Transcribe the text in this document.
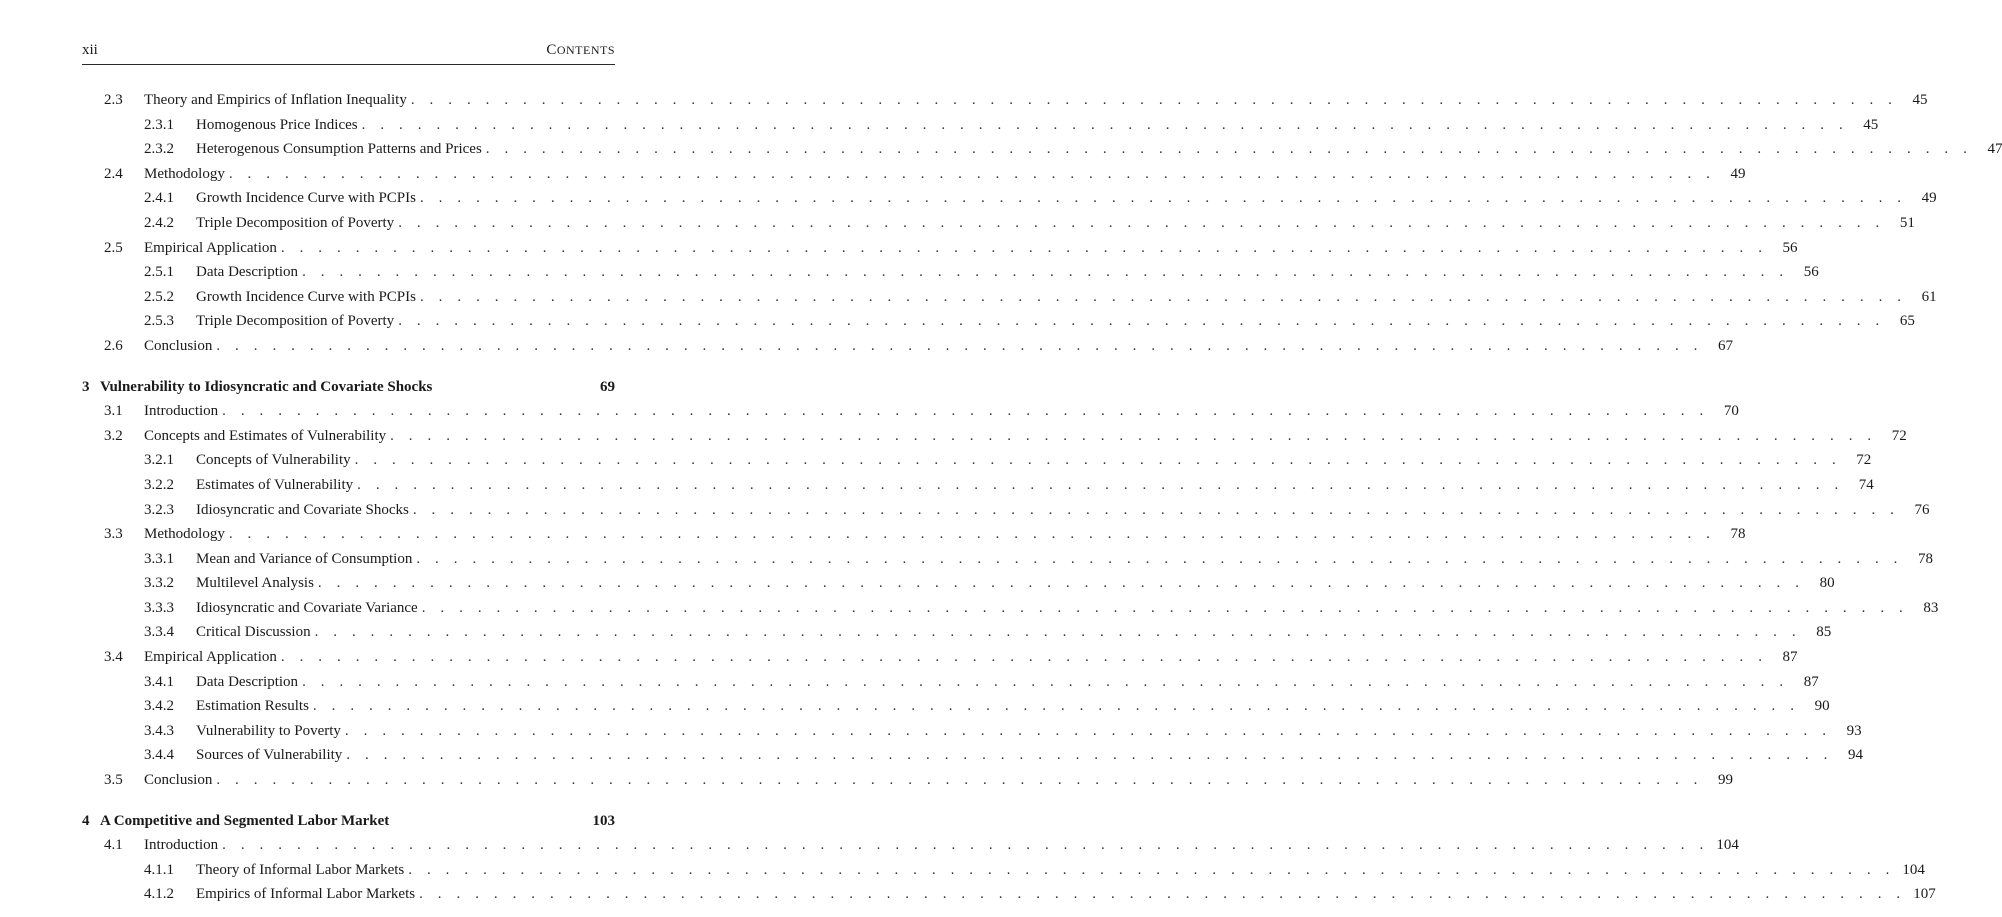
xii	CONTENTS
2.3 Theory and Empirics of Inflation Inequality . . . . . . . . . . . . . . . . . . . . . . . . . . . . . . . . . . . . . . . . . . . . . . . . . . . . . . . . . . . . . . . . . . . . . . . . . . . . . . . .	45
2.3.1 Homogenous Price Indices . . . . . . . . . . . . . . . . . . . . . . . . . . . . . . . . . . . . . . . . . . . . . . . . . . . . . . . . . . . . . . . . . . . . . . . . . . . . . . . .	45
2.3.2 Heterogenous Consumption Patterns and Prices . . . . . . . . . . . . . . . . . . . . . . . . . . . . . . . . . . . . . . . . . . . . . . . . . . . . . . . . . . . . . . . . . . . . . . . . . . . . . . . .	47
2.4 Methodology . . . . . . . . . . . . . . . . . . . . . . . . . . . . . . . . . . . . . . . . . . . . . . . . . . . . . . . . . . . . . . . . . . . . . . . . . . . . . . . .	49
2.4.1 Growth Incidence Curve with PCPIs . . . . . . . . . . . . . . . . . . . . . . . . . . . . . . . . . . . . . . . . . . . . . . . . . . . . . . . . . . . . . . . . . . . . . . . . . . . . . . . .	49
2.4.2 Triple Decomposition of Poverty . . . . . . . . . . . . . . . . . . . . . . . . . . . . . . . . . . . . . . . . . . . . . . . . . . . . . . . . . . . . . . . . . . . . . . . . . . . . . . . .	51
2.5 Empirical Application . . . . . . . . . . . . . . . . . . . . . . . . . . . . . . . . . . . . . . . . . . . . . . . . . . . . . . . . . . . . . . . . . . . . . . . . . . . . . . . .	56
2.5.1 Data Description . . . . . . . . . . . . . . . . . . . . . . . . . . . . . . . . . . . . . . . . . . . . . . . . . . . . . . . . . . . . . . . . . . . . . . . . . . . . . . . .	56
2.5.2 Growth Incidence Curve with PCPIs . . . . . . . . . . . . . . . . . . . . . . . . . . . . . . . . . . . . . . . . . . . . . . . . . . . . . . . . . . . . . . . . . . . . . . . . . . . . . . . .	61
2.5.3 Triple Decomposition of Poverty . . . . . . . . . . . . . . . . . . . . . . . . . . . . . . . . . . . . . . . . . . . . . . . . . . . . . . . . . . . . . . . . . . . . . . . . . . . . . . . .	65
2.6 Conclusion . . . . . . . . . . . . . . . . . . . . . . . . . . . . . . . . . . . . . . . . . . . . . . . . . . . . . . . . . . . . . . . . . . . . . . . . . . . . . . . .	67
3 Vulnerability to Idiosyncratic and Covariate Shocks	69
3.1 Introduction . . . . . . . . . . . . . . . . . . . . . . . . . . . . . . . . . . . . . . . . . . . . . . . . . . . . . . . . . . . . . . . . . . . . . . . . . . . . . . . .	70
3.2 Concepts and Estimates of Vulnerability . . . . . . . . . . . . . . . . . . . . . . . . . . . . . . . . . . . . . . . . . . . . . . . . . . . . . . . . . . . . . . . . . . . . . . . . . . . . . . . .	72
3.2.1 Concepts of Vulnerability . . . . . . . . . . . . . . . . . . . . . . . . . . . . . . . . . . . . . . . . . . . . . . . . . . . . . . . . . . . . . . . . . . . . . . . . . . . . . . . .	72
3.2.2 Estimates of Vulnerability . . . . . . . . . . . . . . . . . . . . . . . . . . . . . . . . . . . . . . . . . . . . . . . . . . . . . . . . . . . . . . . . . . . . . . . . . . . . . . . .	74
3.2.3 Idiosyncratic and Covariate Shocks . . . . . . . . . . . . . . . . . . . . . . . . . . . . . . . . . . . . . . . . . . . . . . . . . . . . . . . . . . . . . . . . . . . . . . . . . . . . . . . .	76
3.3 Methodology . . . . . . . . . . . . . . . . . . . . . . . . . . . . . . . . . . . . . . . . . . . . . . . . . . . . . . . . . . . . . . . . . . . . . . . . . . . . . . . .	78
3.3.1 Mean and Variance of Consumption . . . . . . . . . . . . . . . . . . . . . . . . . . . . . . . . . . . . . . . . . . . . . . . . . . . . . . . . . . . . . . . . . . . . . . . . . . . . . . . .	78
3.3.2 Multilevel Analysis . . . . . . . . . . . . . . . . . . . . . . . . . . . . . . . . . . . . . . . . . . . . . . . . . . . . . . . . . . . . . . . . . . . . . . . . . . . . . . . .	80
3.3.3 Idiosyncratic and Covariate Variance . . . . . . . . . . . . . . . . . . . . . . . . . . . . . . . . . . . . . . . . . . . . . . . . . . . . . . . . . . . . . . . . . . . . . . . . . . . . . . . .	83
3.3.4 Critical Discussion . . . . . . . . . . . . . . . . . . . . . . . . . . . . . . . . . . . . . . . . . . . . . . . . . . . . . . . . . . . . . . . . . . . . . . . . . . . . . . . .	85
3.4 Empirical Application . . . . . . . . . . . . . . . . . . . . . . . . . . . . . . . . . . . . . . . . . . . . . . . . . . . . . . . . . . . . . . . . . . . . . . . . . . . . . . . .	87
3.4.1 Data Description . . . . . . . . . . . . . . . . . . . . . . . . . . . . . . . . . . . . . . . . . . . . . . . . . . . . . . . . . . . . . . . . . . . . . . . . . . . . . . . .	87
3.4.2 Estimation Results . . . . . . . . . . . . . . . . . . . . . . . . . . . . . . . . . . . . . . . . . . . . . . . . . . . . . . . . . . . . . . . . . . . . . . . . . . . . . . . .	90
3.4.3 Vulnerability to Poverty . . . . . . . . . . . . . . . . . . . . . . . . . . . . . . . . . . . . . . . . . . . . . . . . . . . . . . . . . . . . . . . . . . . . . . . . . . . . . . . .	93
3.4.4 Sources of Vulnerability . . . . . . . . . . . . . . . . . . . . . . . . . . . . . . . . . . . . . . . . . . . . . . . . . . . . . . . . . . . . . . . . . . . . . . . . . . . . . . . .	94
3.5 Conclusion . . . . . . . . . . . . . . . . . . . . . . . . . . . . . . . . . . . . . . . . . . . . . . . . . . . . . . . . . . . . . . . . . . . . . . . . . . . . . . . .	99
4 A Competitive and Segmented Labor Market	103
4.1 Introduction . . . . . . . . . . . . . . . . . . . . . . . . . . . . . . . . . . . . . . . . . . . . . . . . . . . . . . . . . . . . . . . . . . . . . . . . . . . . . . . . 104
4.1.1 Theory of Informal Labor Markets . . . . . . . . . . . . . . . . . . . . . . . . . . . . . . . . . . . . . . . . . . . . . . . . . . . . . . . . . . . . . . . . . . . . . . . . . . . . . . . . 104
4.1.2 Empirics of Informal Labor Markets . . . . . . . . . . . . . . . . . . . . . . . . . . . . . . . . . . . . . . . . . . . . . . . . . . . . . . . . . . . . . . . . . . . . . . . . . . . . . . . . 107
